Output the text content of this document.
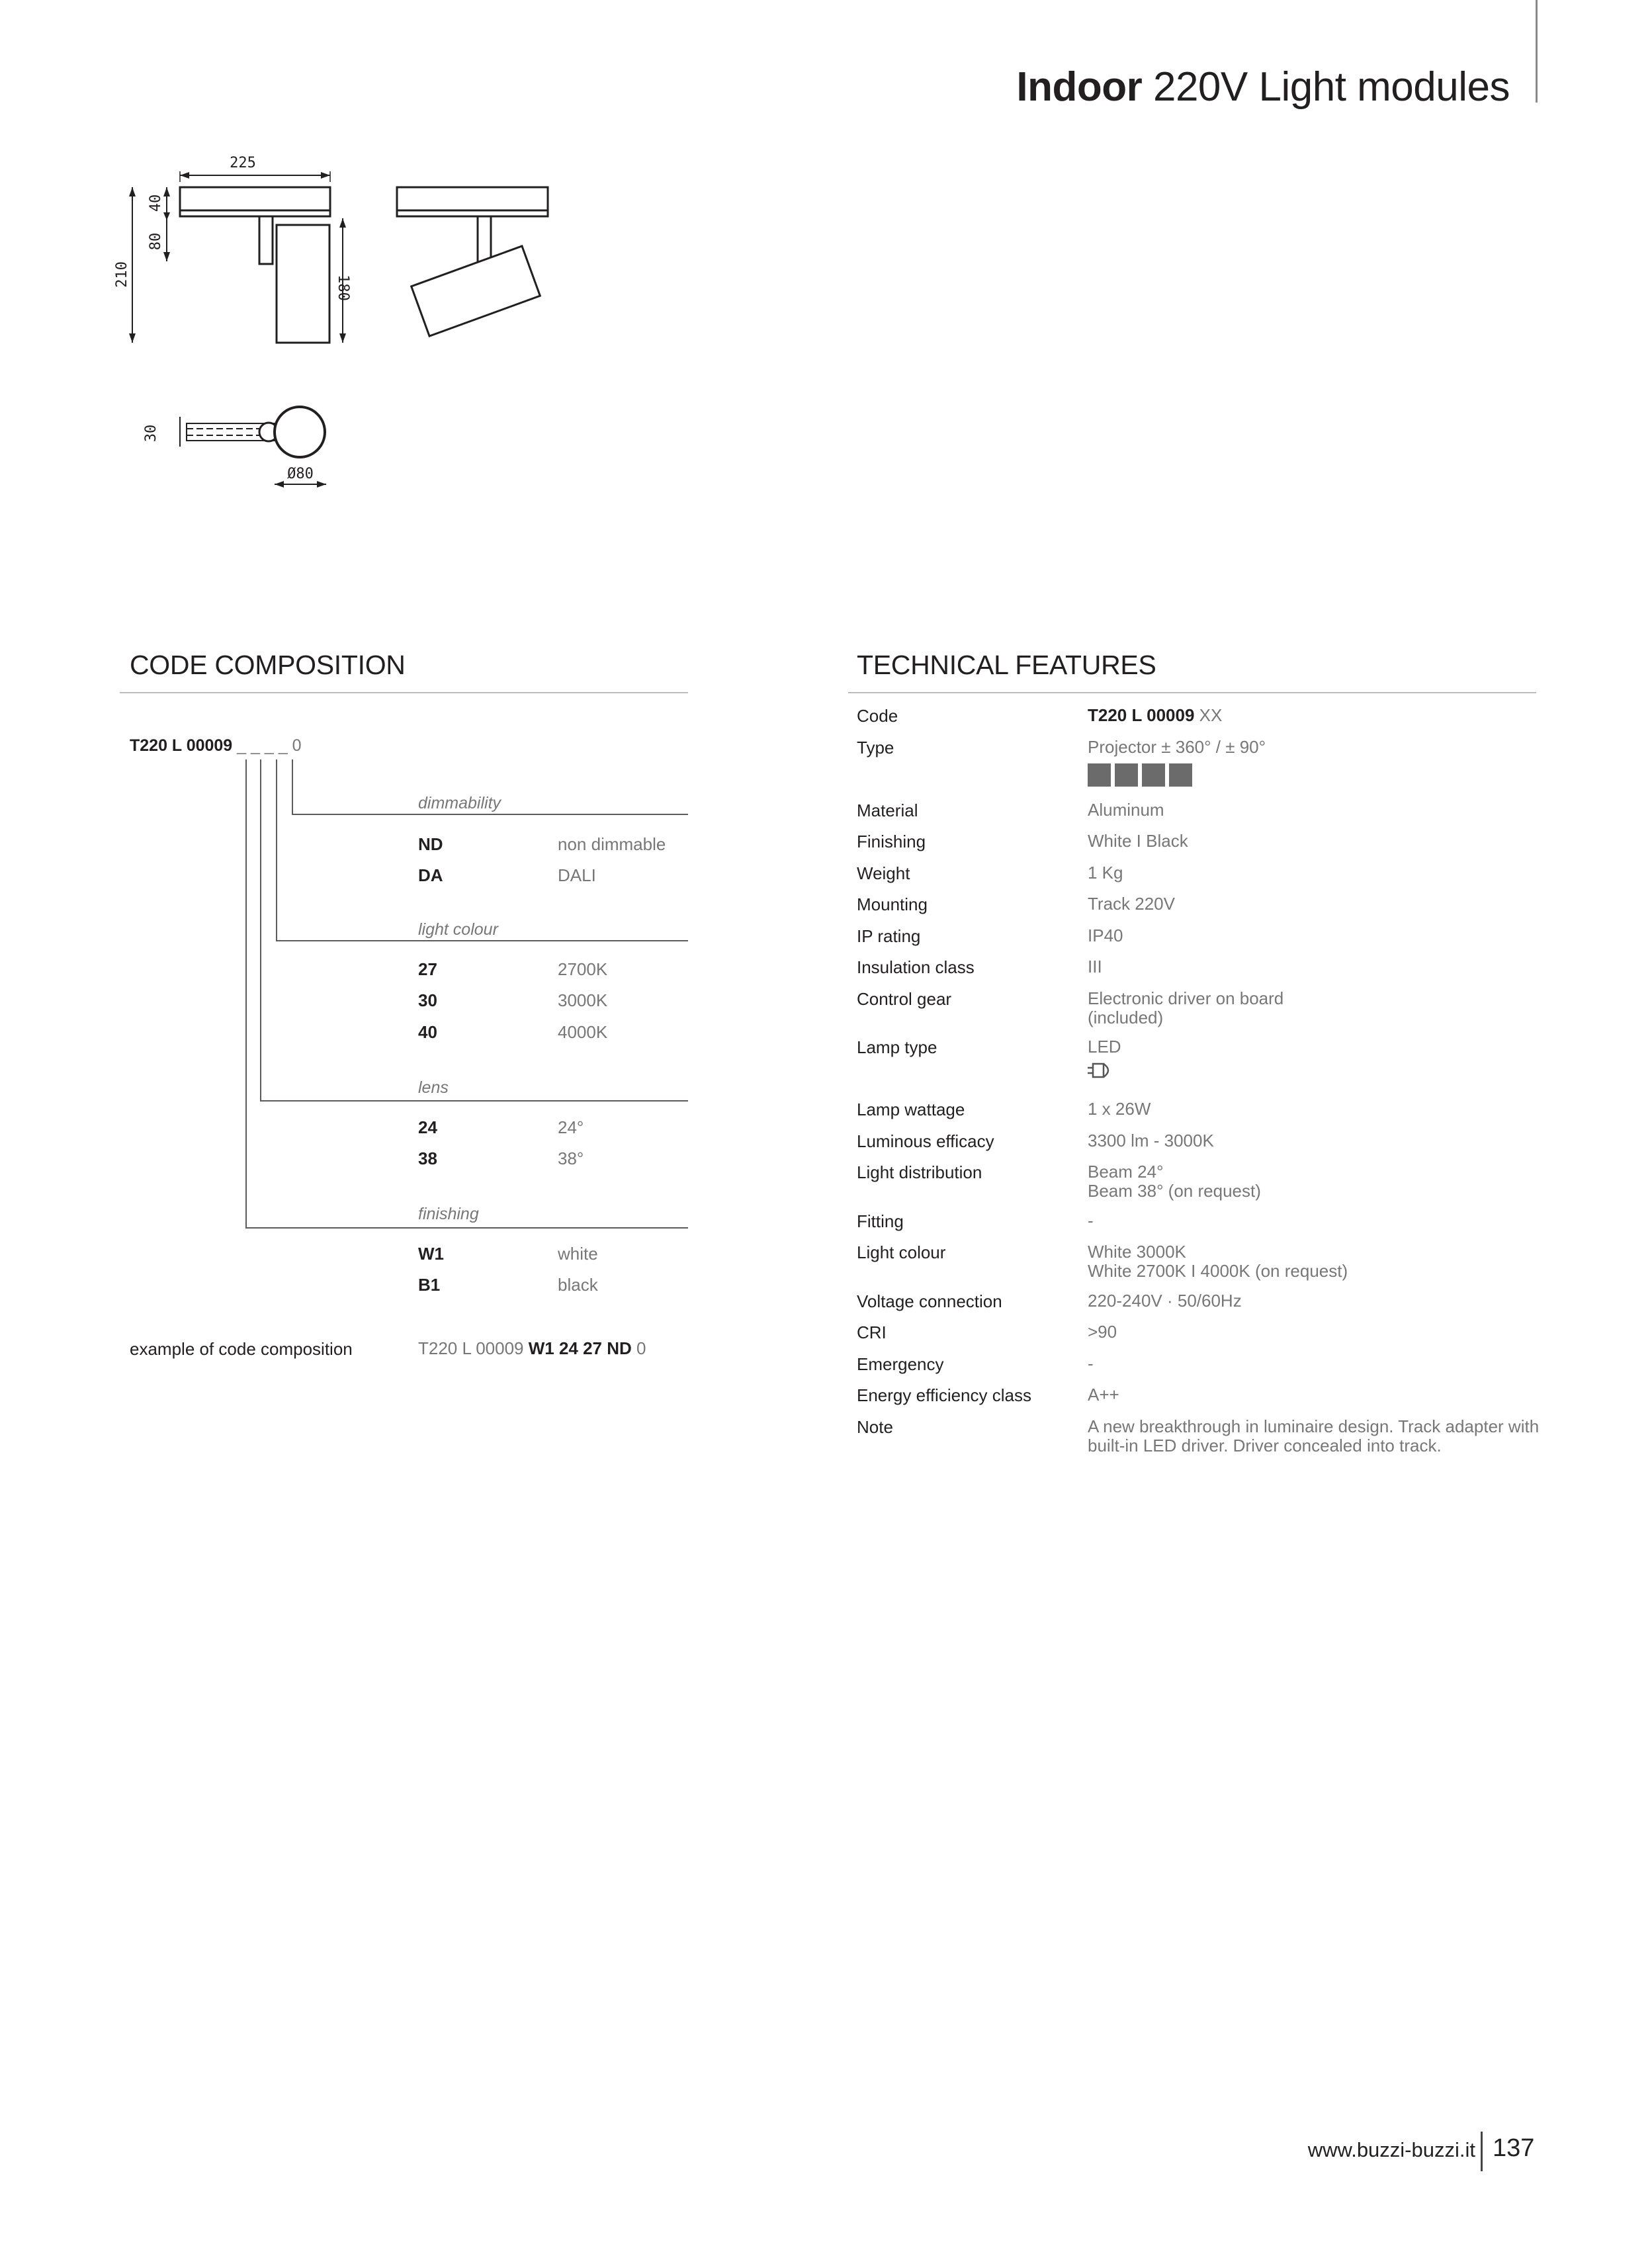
Indoor 220V Light modules
225
210
40
80
180
30
Ø80
CODE COMPOSITION
T220 L 00009 _ _ _ _ 0
dimmability
ND	non dimmable
DA	DALI
light colour
27	2700K
30	3000K
40	4000K
lens
24	24°
38	38°
finishing
W1	white
B1	black
example of code composition	T220 L 00009 W1 24 27 ND 0
TECHNICAL FEATURES
Code	T220 L 00009 XX
Type	Projector ± 360° / ± 90°
Material	Aluminum
Finishing	White I Black
Weight	1 Kg
Mounting	Track 220V
IP rating	IP40
Insulation class	III
Control gear	Electronic driver on board
(included)
Lamp type	LED
Lamp wattage	1 x 26W
Luminous efficacy	3300 lm - 3000K
Light distribution	Beam 24°
Beam 38° (on request)
Fitting	-
Light colour	White 3000K
White 2700K I 4000K (on request)
Voltage connection	220-240V · 50/60Hz
CRI	>90
Emergency	-
Energy efficiency class	A++
Note	A new breakthrough in luminaire design. Track adapter with
built-in LED driver. Driver concealed into track.
www.buzzi-buzzi.it 137
